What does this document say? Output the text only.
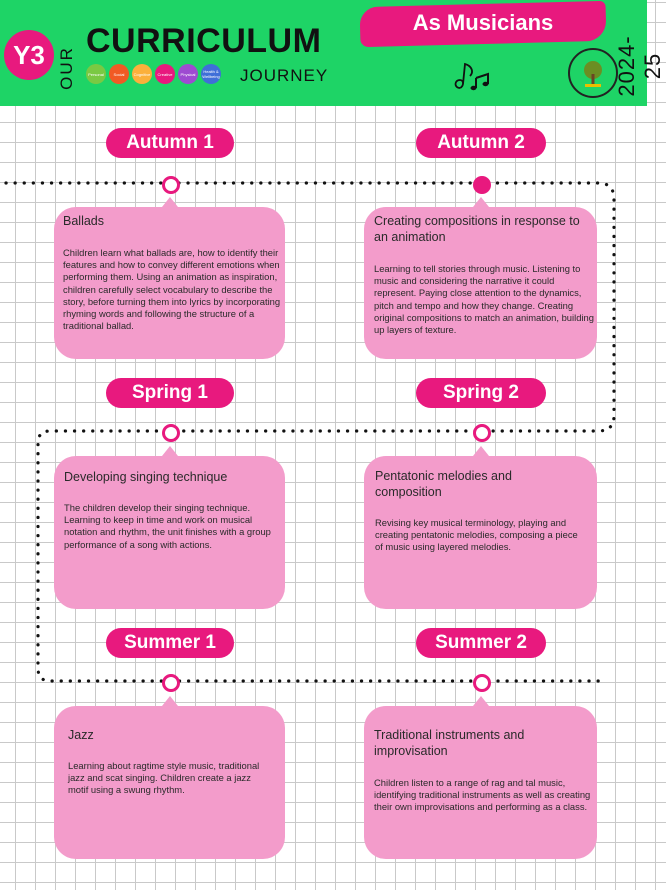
Y3 OUR
CURRICULUM
Personal	Social	Cognitive	Creative	Physical	Health & Wellbeing JOURNEY
As Musicians
2024-25
Autumn 1
Ballads
Children learn what ballads are, how to identify their features and how to convey different emotions when performing them. Using an animation as inspiration, children carefully select vocabulary to describe the story, before turning them into lyrics by incorporating rhyming words and following the structure of a traditional ballad.
Autumn 2
Creating compositions in response to an animation
Learning to tell stories through music. Listening to music and considering the narrative it could represent. Paying close attention to the dynamics, pitch and tempo and how they change. Creating original compositions to match an animation, building up layers of texture.
Spring 1
Developing singing technique
The children develop their singing technique. Learning to keep in time and work on musical notation and rhythm, the unit finishes with a group performance of a song with actions.
Spring 2
Pentatonic melodies and composition
Revising key musical terminology, playing and creating pentatonic melodies, composing a piece of music using layered melodies.
Summer 1
Jazz
Learning about ragtime style music, traditional jazz and scat singing. Children create a jazz motif using a swung rhythm.
Summer 2
Traditional instruments and improvisation
Children listen to a range of rag and tal music, identifying traditional instruments as well as creating their own improvisations and performing as a class.
